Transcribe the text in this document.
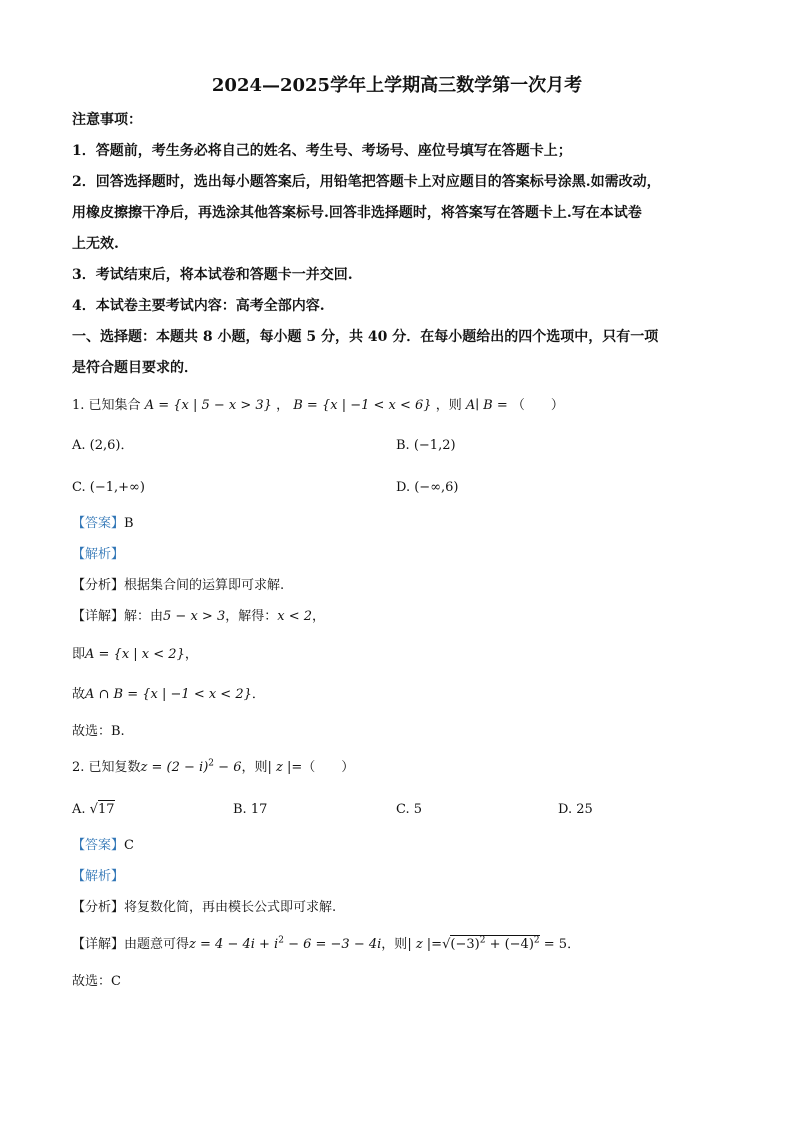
2024—2025学年上学期高三数学第一次月考
注意事项：
1．答题前，考生务必将自己的姓名、考生号、考场号、座位号填写在答题卡上；
2．回答选择题时，选出每小题答案后，用铅笔把答题卡上对应题目的答案标号涂黑.如需改动，
用橡皮擦擦干净后，再选涂其他答案标号.回答非选择题时，将答案写在答题卡上.写在本试卷
上无效.
3．考试结束后，将本试卷和答题卡一并交回.
4．本试卷主要考试内容：高考全部内容.
一、选择题：本题共 8 小题，每小题 5 分，共 40 分．在每小题给出的四个选项中，只有一项
是符合题目要求的．
1. 已知集合 A = {x | 5 − x > 3} ， B = {x | −1 < x < 6} ，则 A∣ B = （　　）
A. (2,6)．	B. (−1,2)
C. (−1,+∞)	D. (−∞,6)
【答案】B
【解析】
【分析】根据集合间的运算即可求解.
【详解】解：由5 − x > 3，解得：x < 2，
即A = {x | x < 2}，
故A ∩ B = {x | −1 < x < 2}．
故选：B.
2. 已知复数$z = (2 - i)^2 - 6$，则| z |=（　　）
A. √17	B. 17	C. 5	D. 25
【答案】C
【解析】
【分析】将复数化简，再由模长公式即可求解.
【详解】由题意可得$z = 4 - 4i + i^2 - 6 = -3 - 4i$，则| z $|=√(-3)^2 + (-4)^2 = 5$．
故选：C
